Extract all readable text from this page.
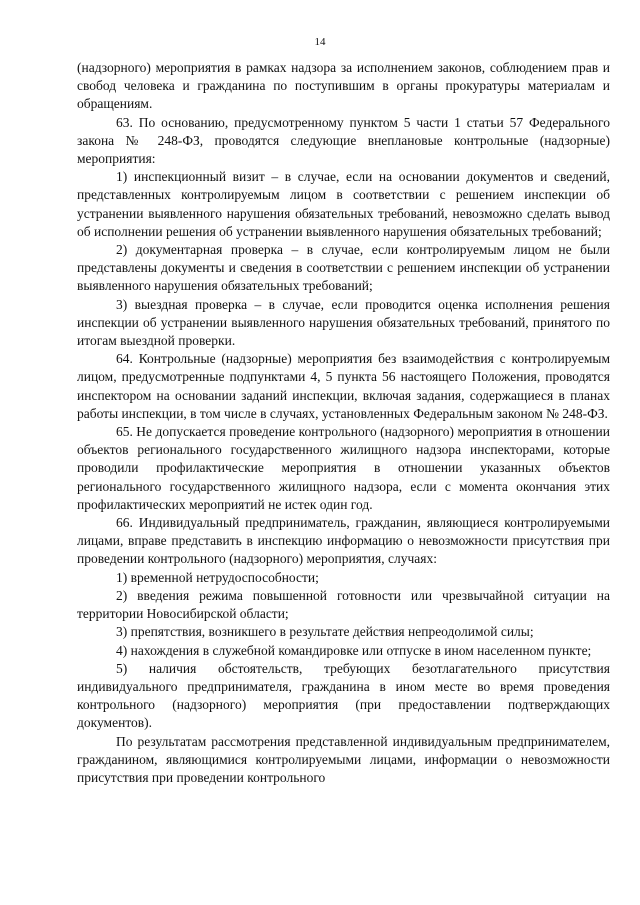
14

(надзорного) мероприятия в рамках надзора за исполнением законов, соблюдением прав и свобод человека и гражданина по поступившим в органы прокуратуры материалам и обращениям.

63. По основанию, предусмотренному пунктом 5 части 1 статьи 57 Федерального закона № 248-ФЗ, проводятся следующие внеплановые контрольные (надзорные) мероприятия:

1) инспекционный визит – в случае, если на основании документов и сведений, представленных контролируемым лицом в соответствии с решением инспекции об устранении выявленного нарушения обязательных требований, невозможно сделать вывод об исполнении решения об устранении выявленного нарушения обязательных требований;

2) документарная проверка – в случае, если контролируемым лицом не были представлены документы и сведения в соответствии с решением инспекции об устранении выявленного нарушения обязательных требований;

3) выездная проверка – в случае, если проводится оценка исполнения решения инспекции об устранении выявленного нарушения обязательных требований, принятого по итогам выездной проверки.

64. Контрольные (надзорные) мероприятия без взаимодействия с контролируемым лицом, предусмотренные подпунктами 4, 5 пункта 56 настоящего Положения, проводятся инспектором на основании заданий инспекции, включая задания, содержащиеся в планах работы инспекции, в том числе в случаях, установленных Федеральным законом № 248-ФЗ.

65. Не допускается проведение контрольного (надзорного) мероприятия в отношении объектов регионального государственного жилищного надзора инспекторами, которые проводили профилактические мероприятия в отношении указанных объектов регионального государственного жилищного надзора, если с момента окончания этих профилактических мероприятий не истек один год.

66. Индивидуальный предприниматель, гражданин, являющиеся контролируемыми лицами, вправе представить в инспекцию информацию о невозможности присутствия при проведении контрольного (надзорного) мероприятия, случаях:

1) временной нетрудоспособности;

2) введения режима повышенной готовности или чрезвычайной ситуации на территории Новосибирской области;

3) препятствия, возникшего в результате действия непреодолимой силы;

4) нахождения в служебной командировке или отпуске в ином населенном пункте;

5) наличия обстоятельств, требующих безотлагательного присутствия индивидуального предпринимателя, гражданина в ином месте во время проведения контрольного (надзорного) мероприятия (при предоставлении подтверждающих документов).

По результатам рассмотрения представленной индивидуальным предпринимателем, гражданином, являющимися контролируемыми лицами, информации о невозможности присутствия при проведении контрольного
